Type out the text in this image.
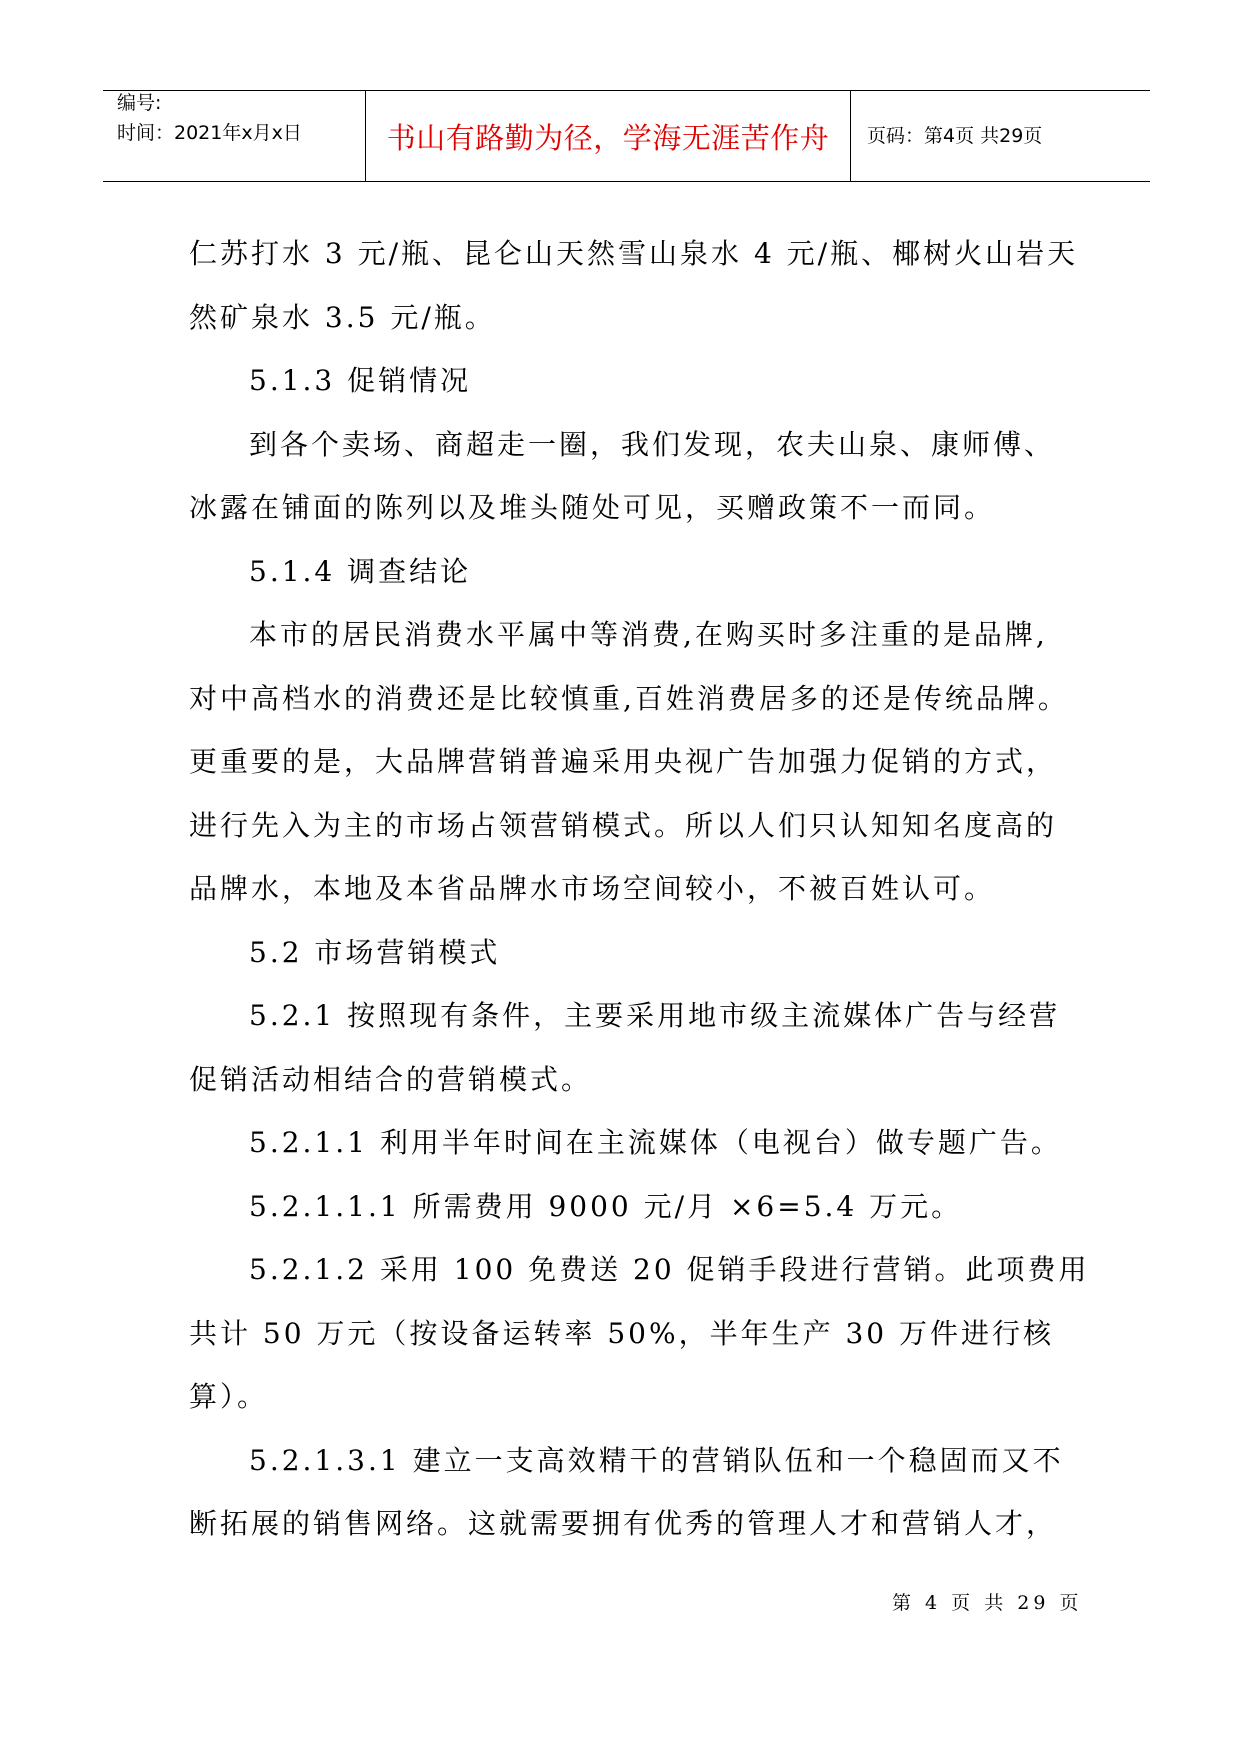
编号:
时间：2021年x月x日	书山有路勤为径，学海无涯苦作舟 页码：第4页 共29页
仁苏打水 3 元/瓶、昆仑山天然雪山泉水 4 元/瓶、椰树火山岩天
然矿泉水 3.5 元/瓶。
5.1.3 促销情况
到各个卖场、商超走一圈，我们发现，农夫山泉、康师傅、
冰露在铺面的陈列以及堆头随处可见，买赠政策不一而同。
5.1.4 调查结论
本市的居民消费水平属中等消费,在购买时多注重的是品牌,
对中高档水的消费还是比较慎重,百姓消费居多的还是传统品牌。
更重要的是，大品牌营销普遍采用央视广告加强力促销的方式，
进行先入为主的市场占领营销模式。所以人们只认知知名度高的
品牌水，本地及本省品牌水市场空间较小，不被百姓认可。
5.2 市场营销模式
5.2.1 按照现有条件，主要采用地市级主流媒体广告与经营
促销活动相结合的营销模式。
5.2.1.1 利用半年时间在主流媒体（电视台）做专题广告。
5.2.1.1.1 所需费用 9000 元/月 ×6=5.4 万元。
5.2.1.2 采用 100 免费送 20 促销手段进行营销。此项费用
共计 50 万元（按设备运转率 50%，半年生产 30 万件进行核
算）。
5.2.1.3.1 建立一支高效精干的营销队伍和一个稳固而又不
断拓展的销售网络。这就需要拥有优秀的管理人才和营销人才，
第 4 页 共 29 页
